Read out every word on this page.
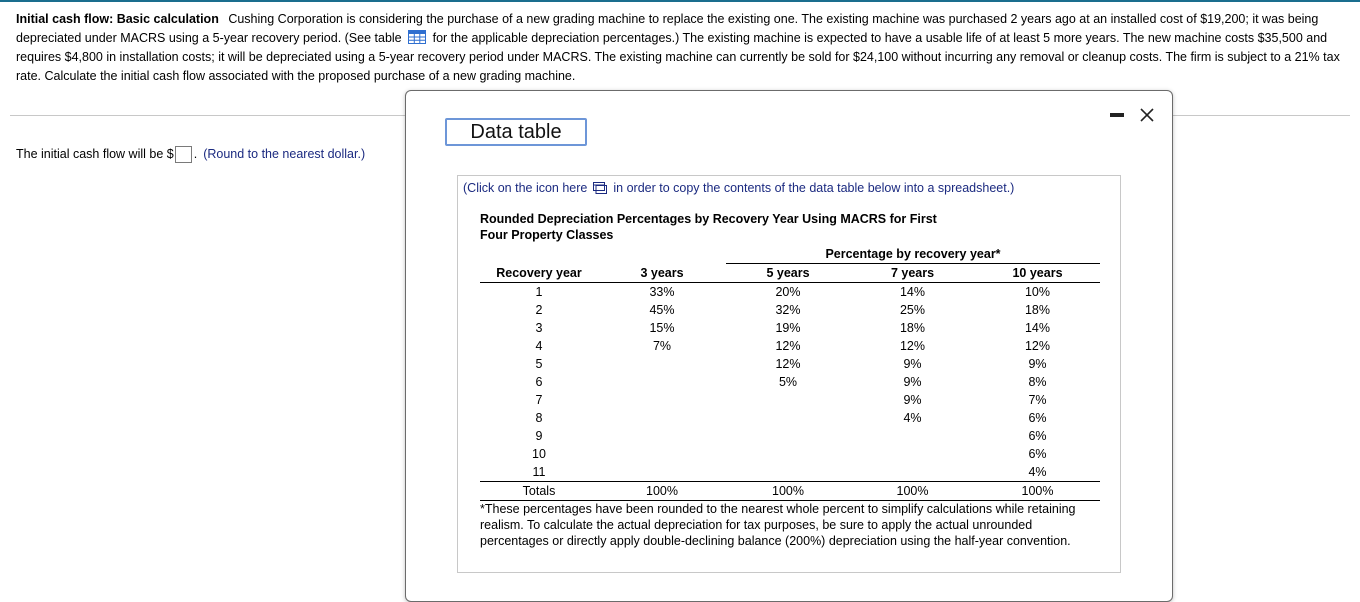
Initial cash flow: Basic calculation Cushing Corporation is considering the purchase of a new grading machine to replace the existing one. The existing machine was purchased 2 years ago at an installed cost of $19,200; it was being depreciated under MACRS using a 5-year recovery period. (See table for the applicable depreciation percentages.) The existing machine is expected to have a usable life of at least 5 more years. The new machine costs $35,500 and requires $4,800 in installation costs; it will be depreciated using a 5-year recovery period under MACRS. The existing machine can currently be sold for $24,100 without incurring any removal or cleanup costs. The firm is subject to a 21% tax rate. Calculate the initial cash flow associated with the proposed purchase of a new grading machine.
The initial cash flow will be $ . (Round to the nearest dollar.)
Data table
(Click on the icon here in order to copy the contents of the data table below into a spreadsheet.)
Rounded Depreciation Percentages by Recovery Year Using MACRS for First Four Property Classes
		Percentage by recovery year*		
Recovery year	3 years	5 years	7 years	10 years
1	33%	20%	14%	10%
2	45%	32%	25%	18%
3	15%	19%	18%	14%
4	7%	12%	12%	12%
5		12%	9%	9%
6		5%	9%	8%
7			9%	7%
8			4%	6%
9				6%
10				6%
11				4%
Totals	100%	100%	100%	100%
*These percentages have been rounded to the nearest whole percent to simplify calculations while retaining realism. To calculate the actual depreciation for tax purposes, be sure to apply the actual unrounded percentages or directly apply double-declining balance (200%) depreciation using the half-year convention.
